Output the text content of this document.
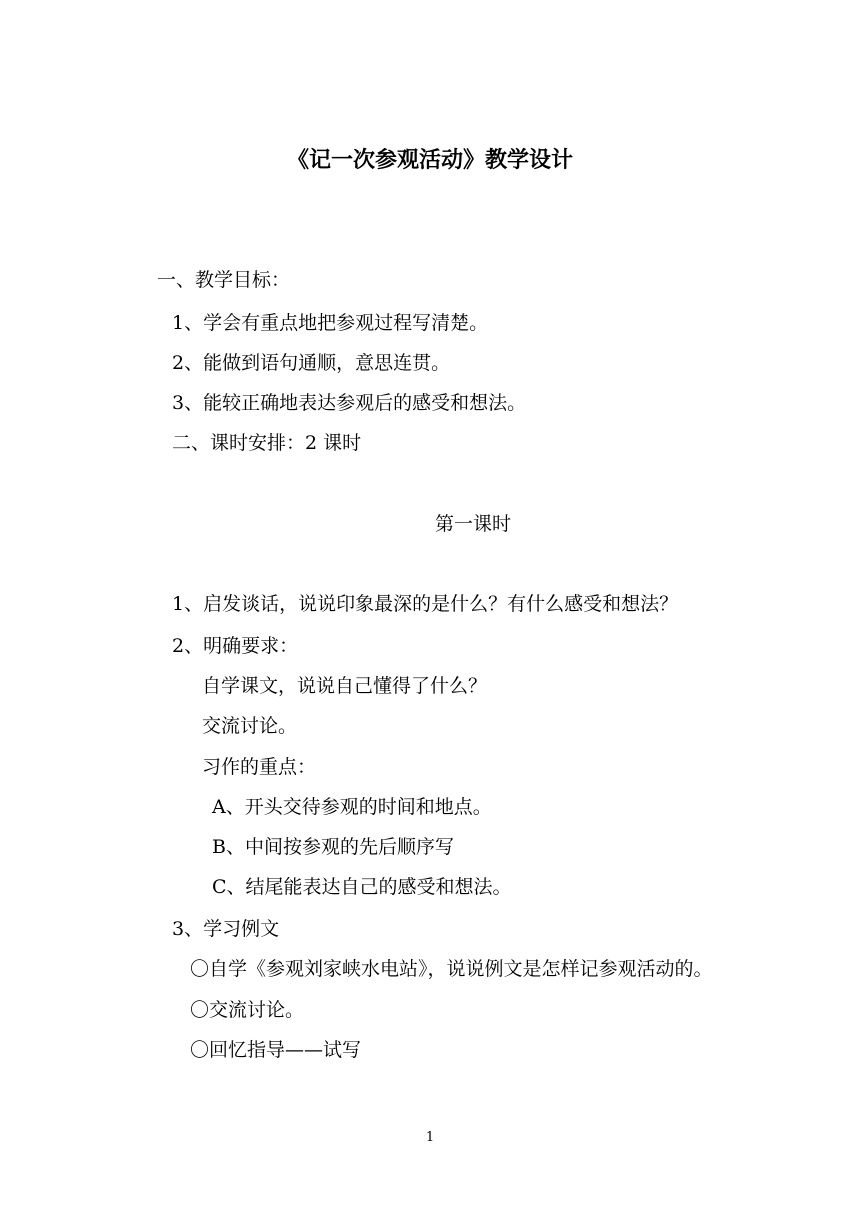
《记一次参观活动》教学设计
一、教学目标：
1、学会有重点地把参观过程写清楚。
2、能做到语句通顺，意思连贯。
3、能较正确地表达参观后的感受和想法。
二、课时安排：2 课时
第一课时
1、启发谈话，说说印象最深的是什么？有什么感受和想法？
2、明确要求：
自学课文，说说自己懂得了什么？
交流讨论。
习作的重点：
A、开头交待参观的时间和地点。
B、中间按参观的先后顺序写
C、结尾能表达自己的感受和想法。
3、学习例文
〇自学《参观刘家峡水电站》，说说例文是怎样记参观活动的。
〇交流讨论。
〇回忆指导——试写
1
